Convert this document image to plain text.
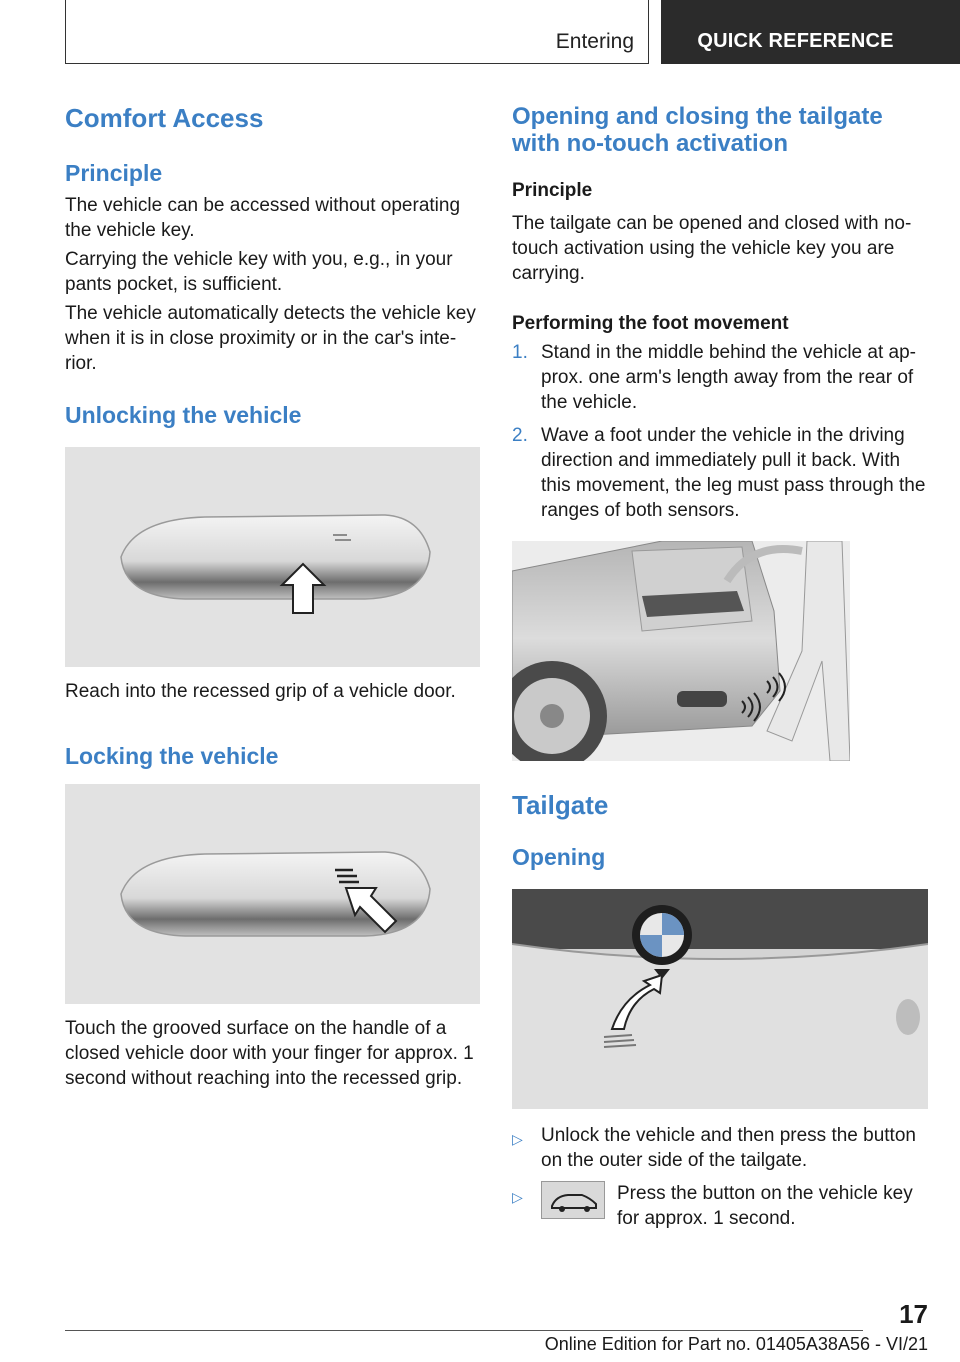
Entering	QUICK REFERENCE
Comfort Access
Principle
The vehicle can be accessed without operating the vehicle key.
Carrying the vehicle key with you, e.g., in your pants pocket, is sufficient.
The vehicle automatically detects the vehicle key when it is in close proximity or in the car's inte-rior.
Unlocking the vehicle
Reach into the recessed grip of a vehicle door.
Locking the vehicle
Touch the grooved surface on the handle of a closed vehicle door with your finger for approx. 1 second without reaching into the recessed grip.
Opening and closing the tailgate with no-touch activation
Principle
The tailgate can be opened and closed with no-touch activation using the vehicle key you are carrying.
Performing the foot movement
1. Stand in the middle behind the vehicle at ap-prox. one arm's length away from the rear of the vehicle.
2. Wave a foot under the vehicle in the driving direction and immediately pull it back. With this movement, the leg must pass through the ranges of both sensors.
Tailgate
Opening
▷ Unlock the vehicle and then press the button on the outer side of the tailgate.
▷	Press the button on the vehicle key for approx. 1 second.
17
Online Edition for Part no. 01405A38A56 - VI/21
